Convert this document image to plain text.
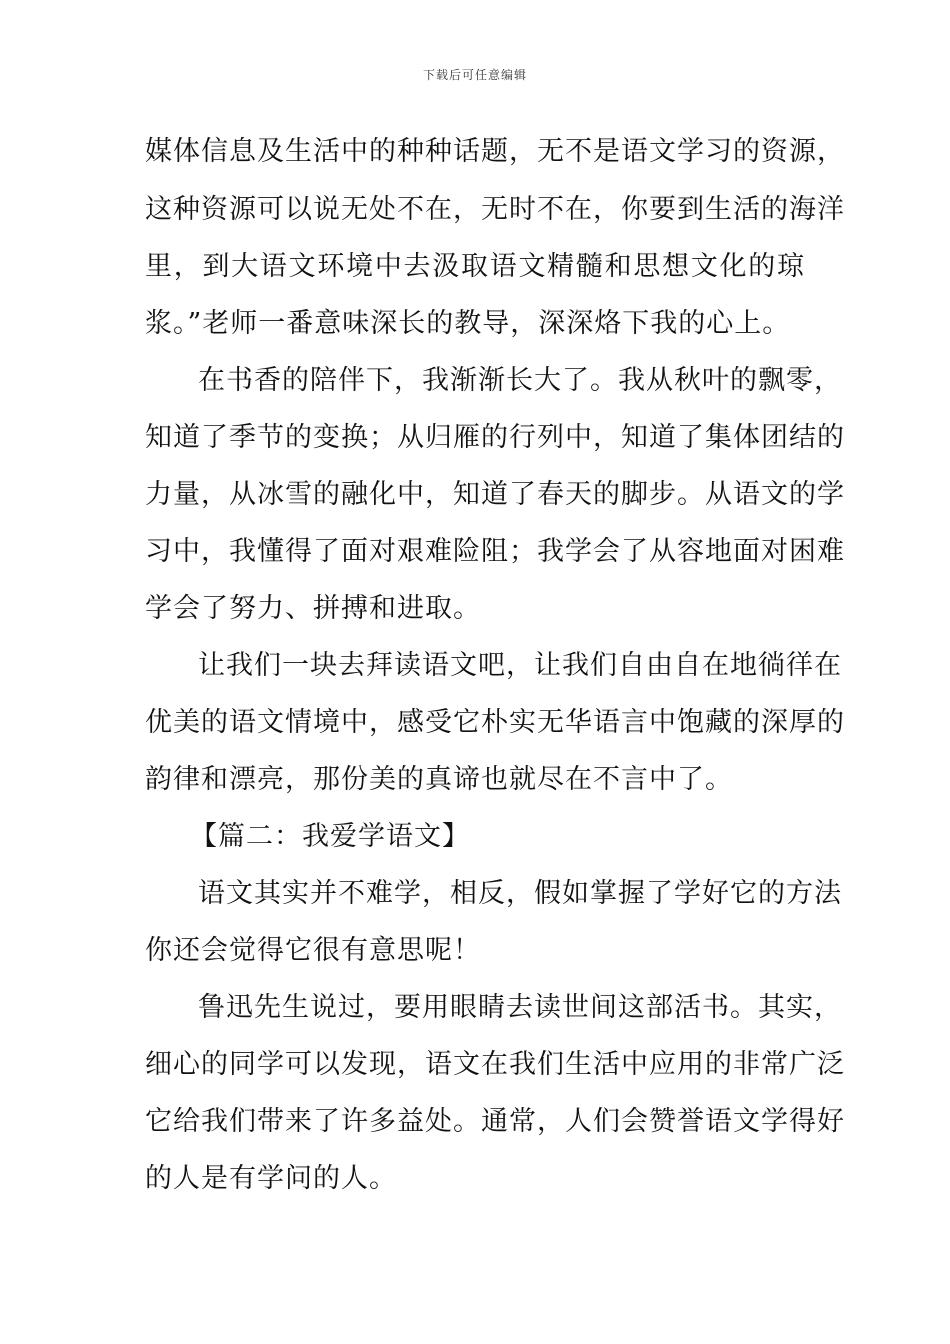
下载后可任意编辑
媒体信息及生活中的种种话题，无不是语文学习的资源，
这种资源可以说无处不在，无时不在，你要到生活的海洋
里，到大语文环境中去汲取语文精髓和思想文化的琼
浆。”老师一番意味深长的教导，深深烙下我的心上。
在书香的陪伴下，我渐渐长大了。我从秋叶的飘零，
知道了季节的变换；从归雁的行列中，知道了集体团结的
力量，从冰雪的融化中，知道了春天的脚步。从语文的学
习中，我懂得了面对艰难险阻；我学会了从容地面对困难
学会了努力、拼搏和进取。
让我们一块去拜读语文吧，让我们自由自在地徜徉在
优美的语文情境中，感受它朴实无华语言中饱藏的深厚的
韵律和漂亮，那份美的真谛也就尽在不言中了。
【篇二：我爱学语文】
语文其实并不难学，相反，假如掌握了学好它的方法
你还会觉得它很有意思呢！
鲁迅先生说过，要用眼睛去读世间这部活书。其实，
细心的同学可以发现，语文在我们生活中应用的非常广泛
它给我们带来了许多益处。通常，人们会赞誉语文学得好
的人是有学问的人。
